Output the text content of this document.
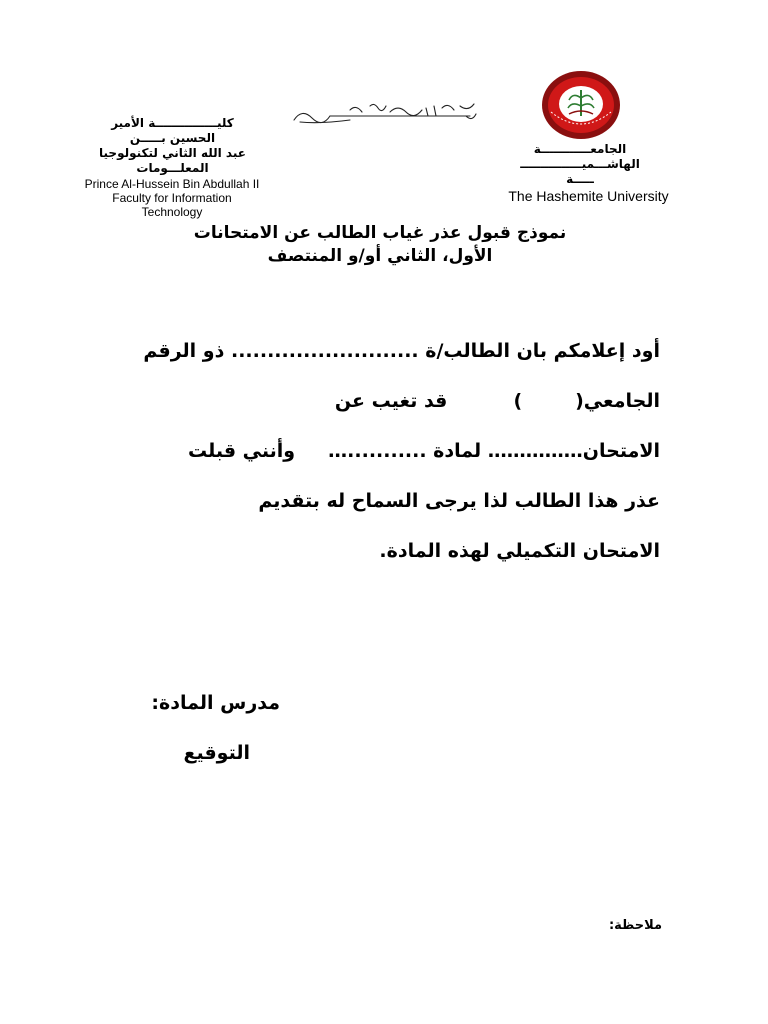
كليـــــــــــــــة الأمير
الحسين بـــــن
عبد الله الثاني لتكنولوجيا
المعلـــومات
Prince Al-Hussein Bin Abdullah II
Faculty for Information
Technology
الجامعــــــــــــة
الهاشـــميـــــــــــــــ
ـــــة
The Hashemite University
نموذج قبول عذر غياب الطالب عن الامتحانات
الأول، الثاني أو/و المنتصف
أود إعلامكم بان الطالب/ة .......................... ذو الرقم
الجامعي(        )          قد تغيب عن
الامتحان…………… لمادة ...........…     وأنني قبلت
عذر هذا الطالب لذا يرجى السماح له بتقديم
الامتحان التكميلي لهذه المادة.
مدرس المادة:
التوقيع
ملاحظة:
